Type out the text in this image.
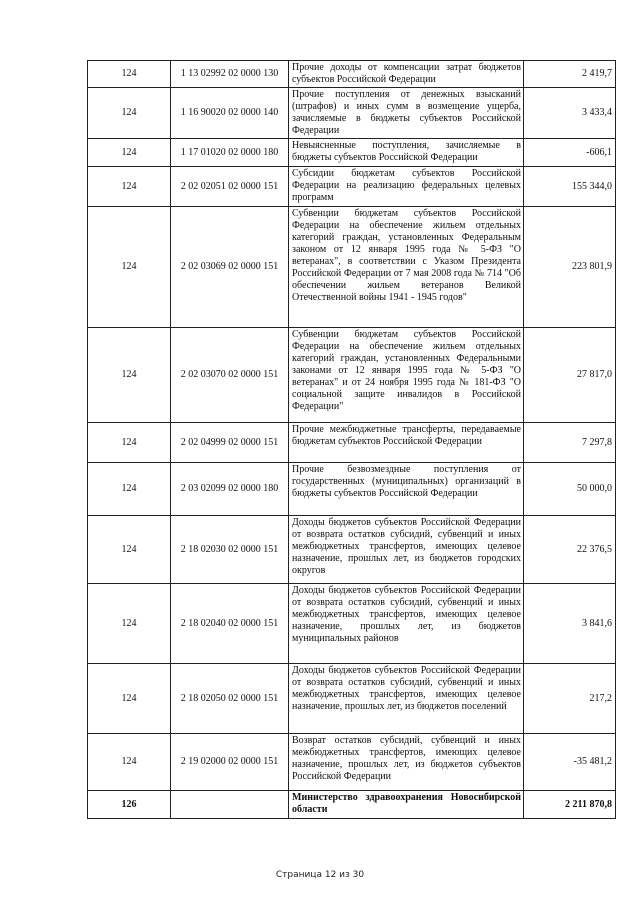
124	1 13 02992 02 0000 130	Прочие доходы от компенсации затрат бюджетов субъектов Российской Федерации	2 419,7
124	1 16 90020 02 0000 140	Прочие поступления от денежных взысканий (штрафов) и иных сумм в возмещение ущерба, зачисляемые в бюджеты субъектов Российской Федерации	3 433,4
124	1 17 01020 02 0000 180	Невыясненные поступления, зачисляемые в бюджеты субъектов Российской Федерации	-606,1
124	2 02 02051 02 0000 151	Субсидии бюджетам субъектов Российской Федерации на реализацию федеральных целевых программ	155 344,0
124	2 02 03069 02 0000 151	Субвенции бюджетам субъектов Российской Федерации на обеспечение жильем отдельных категорий граждан, установленных Федеральным законом от 12 января 1995 года № 5-ФЗ "О ветеранах", в соответствии с Указом Президента Российской Федерации от 7 мая 2008 года № 714 "Об обеспечении жильем ветеранов Великой Отечественной войны 1941 - 1945 годов"	223 801,9
124	2 02 03070 02 0000 151	Субвенции бюджетам субъектов Российской Федерации на обеспечение жильем отдельных категорий граждан, установленных Федеральными законами от 12 января 1995 года № 5-ФЗ "О ветеранах" и от 24 ноября 1995 года № 181-ФЗ "О социальной защите инвалидов в Российской Федерации"	27 817,0
124	2 02 04999 02 0000 151	Прочие межбюджетные трансферты, передаваемые бюджетам субъектов Российской Федерации	7 297,8
124	2 03 02099 02 0000 180	Прочие безвозмездные поступления от государственных (муниципальных) организаций в бюджеты субъектов Российской Федерации	50 000,0
124	2 18 02030 02 0000 151	Доходы бюджетов субъектов Российской Федерации от возврата остатков субсидий, субвенций и иных межбюджетных трансфертов, имеющих целевое назначение, прошлых лет, из бюджетов городских округов	22 376,5
124	2 18 02040 02 0000 151	Доходы бюджетов субъектов Российской Федерации от возврата остатков субсидий, субвенций и иных межбюджетных трансфертов, имеющих целевое назначение, прошлых лет, из бюджетов муниципальных районов	3 841,6
124	2 18 02050 02 0000 151	Доходы бюджетов субъектов Российской Федерации от возврата остатков субсидий, субвенций и иных межбюджетных трансфертов, имеющих целевое назначение, прошлых лет, из бюджетов поселений	217,2
124	2 19 02000 02 0000 151	Возврат остатков субсидий, субвенций и иных межбюджетных трансфертов, имеющих целевое назначение, прошлых лет, из бюджетов субъектов Российской Федерации	-35 481,2
126		Министерство здравоохранения Новосибирской области	2 211 870,8
Страница 12 из 30
